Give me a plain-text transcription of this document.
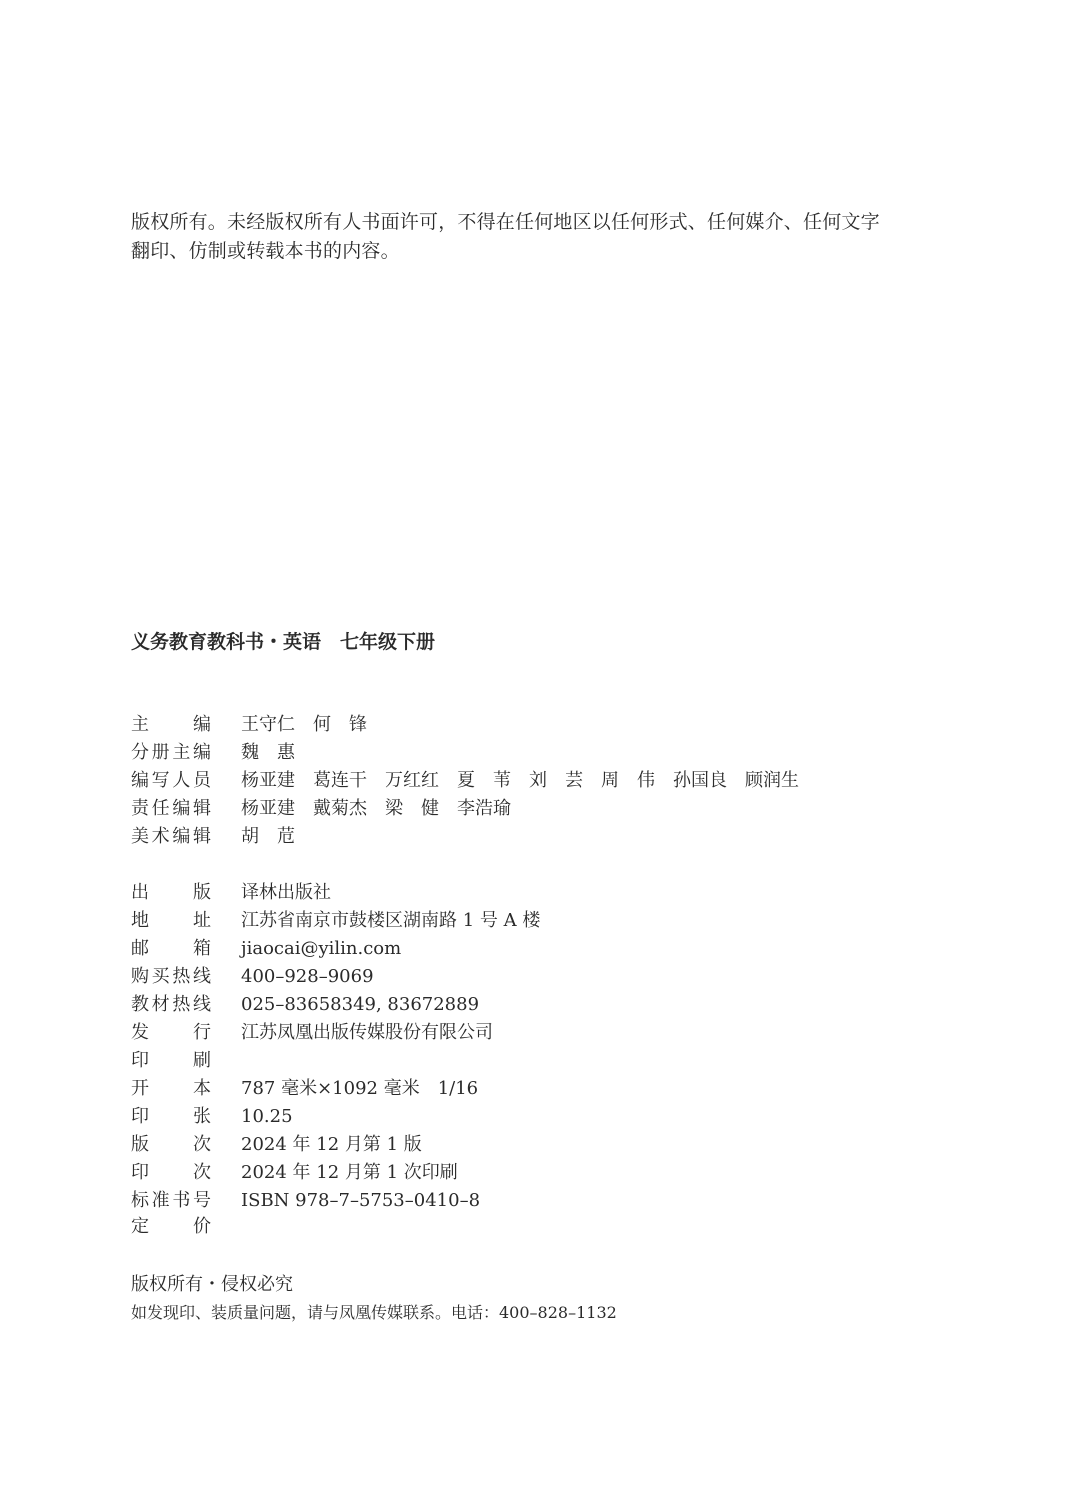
版权所有。未经版权所有人书面许可，不得在任何地区以任何形式、任何媒介、任何文字

翻印、仿制或转载本书的内容。

义务教育教科书・英语　七年级下册
主 编 王守仁　何　锋
分 册 主 编 魏　惠
编 写 人 员 杨亚建　葛连干　万红红　夏　苇　刘　芸　周　伟　孙国良　顾润生
责 任 编 辑 杨亚建　戴菊杰　梁　健　李浩瑜
美 术 编 辑 胡　苊
出 版 译林出版社
地 址 江苏省南京市鼓楼区湖南路 1 号 A 楼
邮 箱 jiaocai@yilin.com
购 买 热 线 400–928–9069
教 材 热 线 025–83658349, 83672889
发 行 江苏凤凰出版传媒股份有限公司
印 刷
开 本 787 毫米×1092 毫米　1/16
印 张 10.25
版 次 2024 年 12 月第 1 版
印 次 2024 年 12 月第 1 次印刷
标 准 书 号 ISBN 978–7–5753–0410–8
定 价
版权所有・侵权必究
如发现印、装质量问题，请与凤凰传媒联系。电话：400–828–1132
